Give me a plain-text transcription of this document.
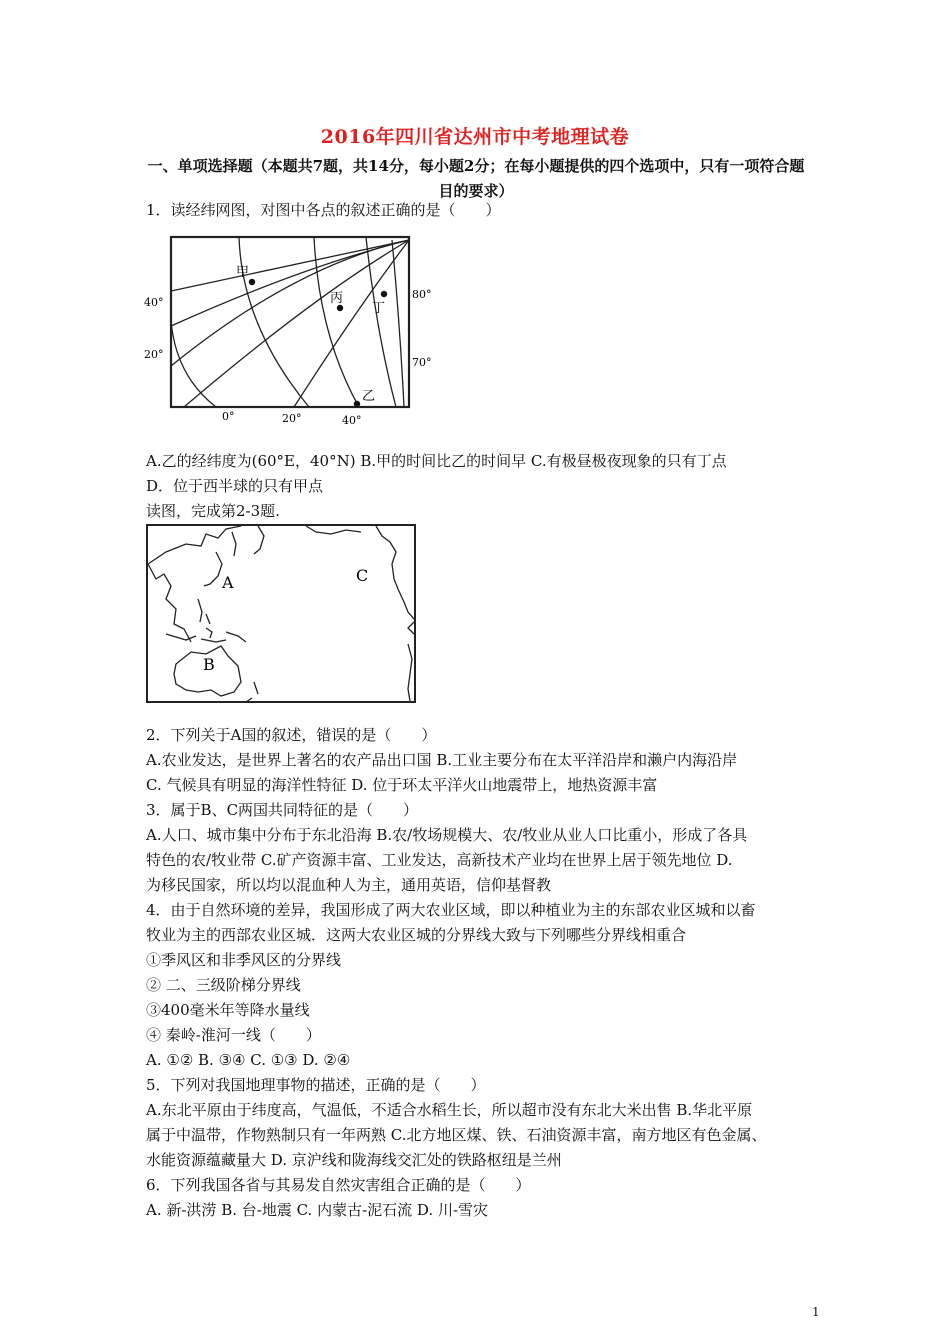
2016年四川省达州市中考地理试卷
一、单项选择题（本题共7题，共14分，每小题2分；在每小题提供的四个选项中，只有一项符合题目的要求）
1．读经纬网图，对图中各点的叙述正确的是（　　）
甲
丙
丁
乙
40°
20°
80°
70°
0°	20°	40°
A.乙的经纬度为(60°E，40°N) B.甲的时间比乙的时间早 C.有极昼极夜现象的只有丁点
D．位于西半球的只有甲点
读图，完成第2-3题.
A
B
C
2．下列关于A国的叙述，错误的是（　　）
A.农业发达，是世界上著名的农产品出口国 B.工业主要分布在太平洋沿岸和濑户内海沿岸
C. 气候具有明显的海洋性特征 D. 位于环太平洋火山地震带上，地热资源丰富
3．属于B、C两国共同特征的是（　　）
A.人口、城市集中分布于东北沿海 B.农/牧场规模大、农/牧业从业人口比重小，形成了各具
特色的农/牧业带 C.矿产资源丰富、工业发达，高新技术产业均在世界上居于领先地位 D.
为移民国家，所以均以混血种人为主，通用英语，信仰基督教
4．由于自然环境的差异，我国形成了两大农业区域，即以种植业为主的东部农业区城和以畜
牧业为主的西部农业区城．这两大农业区城的分界线大致与下列哪些分界线相重合
①季风区和非季风区的分界线
② 二、三级阶梯分界线
③400毫米年等降水量线
④ 秦岭-淮河一线（　　）
A. ①② B. ③④ C. ①③ D. ②④
5．下列对我国地理事物的描述，正确的是（　　）
A.东北平原由于纬度高，气温低，不适合水稻生长，所以超市没有东北大米出售 B.华北平原
属于中温带，作物熟制只有一年两熟 C.北方地区煤、铁、石油资源丰富，南方地区有色金属、
水能资源蕴藏量大 D. 京沪线和陇海线交汇处的铁路枢纽是兰州
6．下列我国各省与其易发自然灾害组合正确的是（　　）
A. 新-洪涝 B. 台-地震 C. 内蒙古-泥石流 D. 川-雪灾
1
